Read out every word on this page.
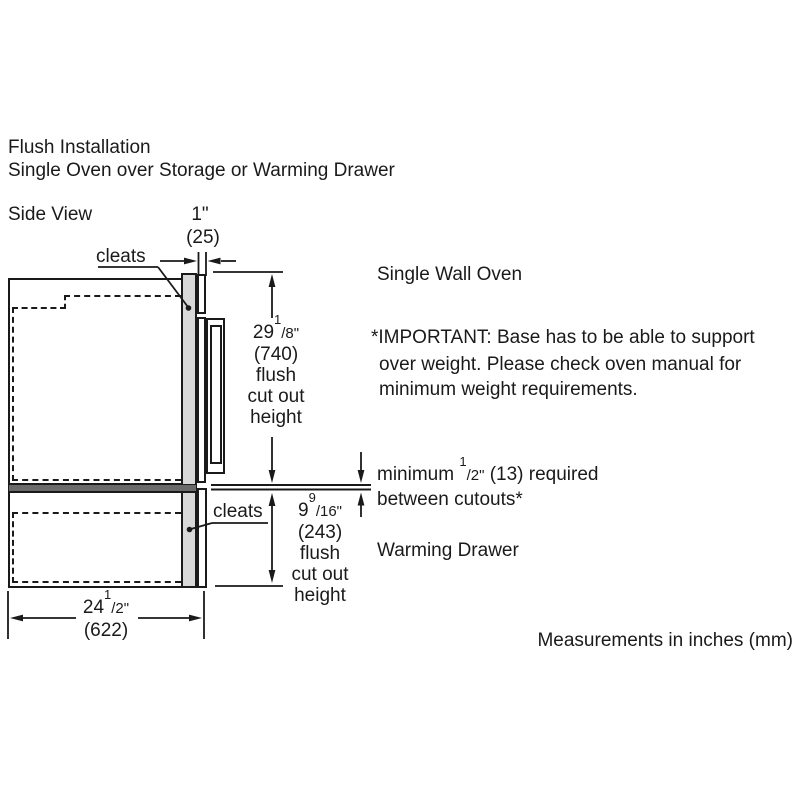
Flush Installation
Single Oven over Storage or Warming Drawer
Side View	1"
(25)
cleats
cleats
$29^1/8$"
(740)
flush
cut out
height
$9^9/16$"
(243)
flush
cut out
height
$24^1/2$"
(622)
Single Wall Oven
*IMPORTANT: Base has to be able to support
over weight. Please check oven manual for
minimum weight requirements.
minimum $^1$/2" (13) required
between cutouts*
Warming Drawer
Measurements in inches (mm)
